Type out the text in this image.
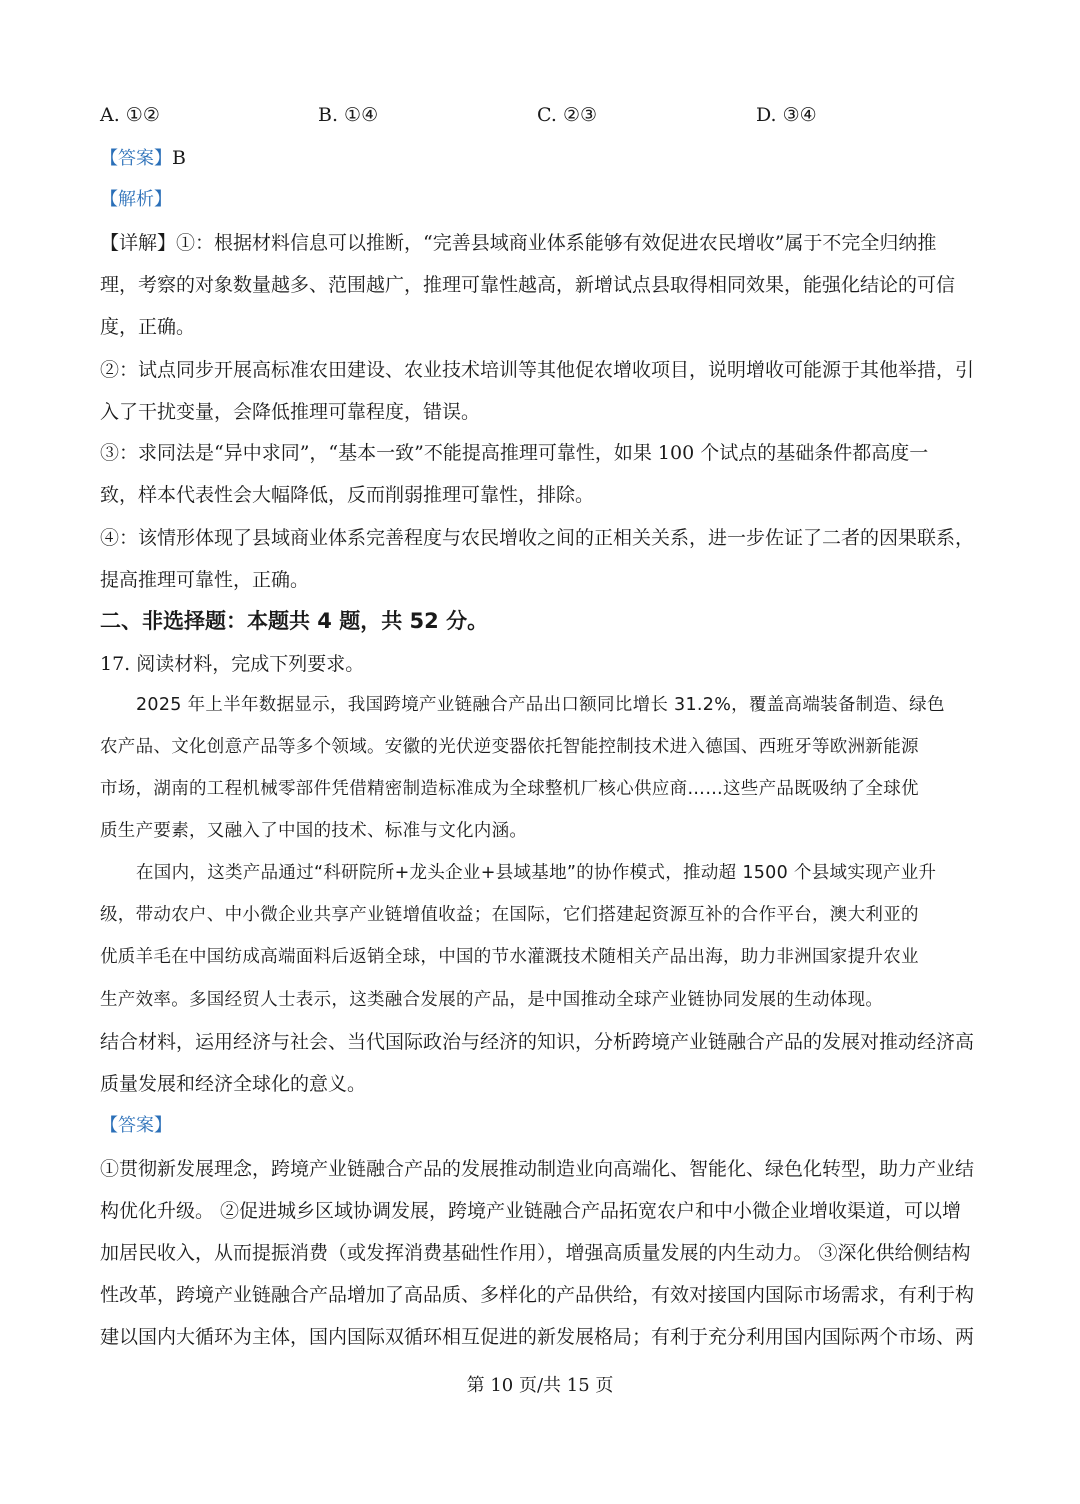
A. ①②	B. ①④	C. ②③	D. ③④
【答案】B
【解析】
【详解】①：根据材料信息可以推断，“完善县域商业体系能够有效促进农民增收”属于不完全归纳推
理，考察的对象数量越多、范围越广，推理可靠性越高，新增试点县取得相同效果，能强化结论的可信
度，正确。
②：试点同步开展高标准农田建设、农业技术培训等其他促农增收项目，说明增收可能源于其他举措，引
入了干扰变量，会降低推理可靠程度，错误。
③：求同法是“异中求同”，“基本一致”不能提高推理可靠性，如果 100 个试点的基础条件都高度一
致，样本代表性会大幅降低，反而削弱推理可靠性，排除。
④：该情形体现了县域商业体系完善程度与农民增收之间的正相关关系，进一步佐证了二者的因果联系，
提高推理可靠性，正确。
二、非选择题：本题共 4 题，共 52 分。
17. 阅读材料，完成下列要求。
2025 年上半年数据显示，我国跨境产业链融合产品出口额同比增长 31.2%，覆盖高端装备制造、绿色
农产品、文化创意产品等多个领域。安徽的光伏逆变器依托智能控制技术进入德国、西班牙等欧洲新能源
市场，湖南的工程机械零部件凭借精密制造标准成为全球整机厂核心供应商……这些产品既吸纳了全球优
质生产要素，又融入了中国的技术、标准与文化内涵。
在国内，这类产品通过“科研院所+龙头企业+县域基地”的协作模式，推动超 1500 个县域实现产业升
级，带动农户、中小微企业共享产业链增值收益；在国际，它们搭建起资源互补的合作平台，澳大利亚的
优质羊毛在中国纺成高端面料后返销全球，中国的节水灌溉技术随相关产品出海，助力非洲国家提升农业
生产效率。多国经贸人士表示，这类融合发展的产品，是中国推动全球产业链协同发展的生动体现。
结合材料，运用经济与社会、当代国际政治与经济的知识，分析跨境产业链融合产品的发展对推动经济高
质量发展和经济全球化的意义。
【答案】
①贯彻新发展理念，跨境产业链融合产品的发展推动制造业向高端化、智能化、绿色化转型，助力产业结
构优化升级。 ②促进城乡区域协调发展，跨境产业链融合产品拓宽农户和中小微企业增收渠道，可以增
加居民收入，从而提振消费（或发挥消费基础性作用），增强高质量发展的内生动力。 ③深化供给侧结构
性改革，跨境产业链融合产品增加了高品质、多样化的产品供给，有效对接国内国际市场需求，有利于构
建以国内大循环为主体，国内国际双循环相互促进的新发展格局；有利于充分利用国内国际两个市场、两
第 10 页/共 15 页
